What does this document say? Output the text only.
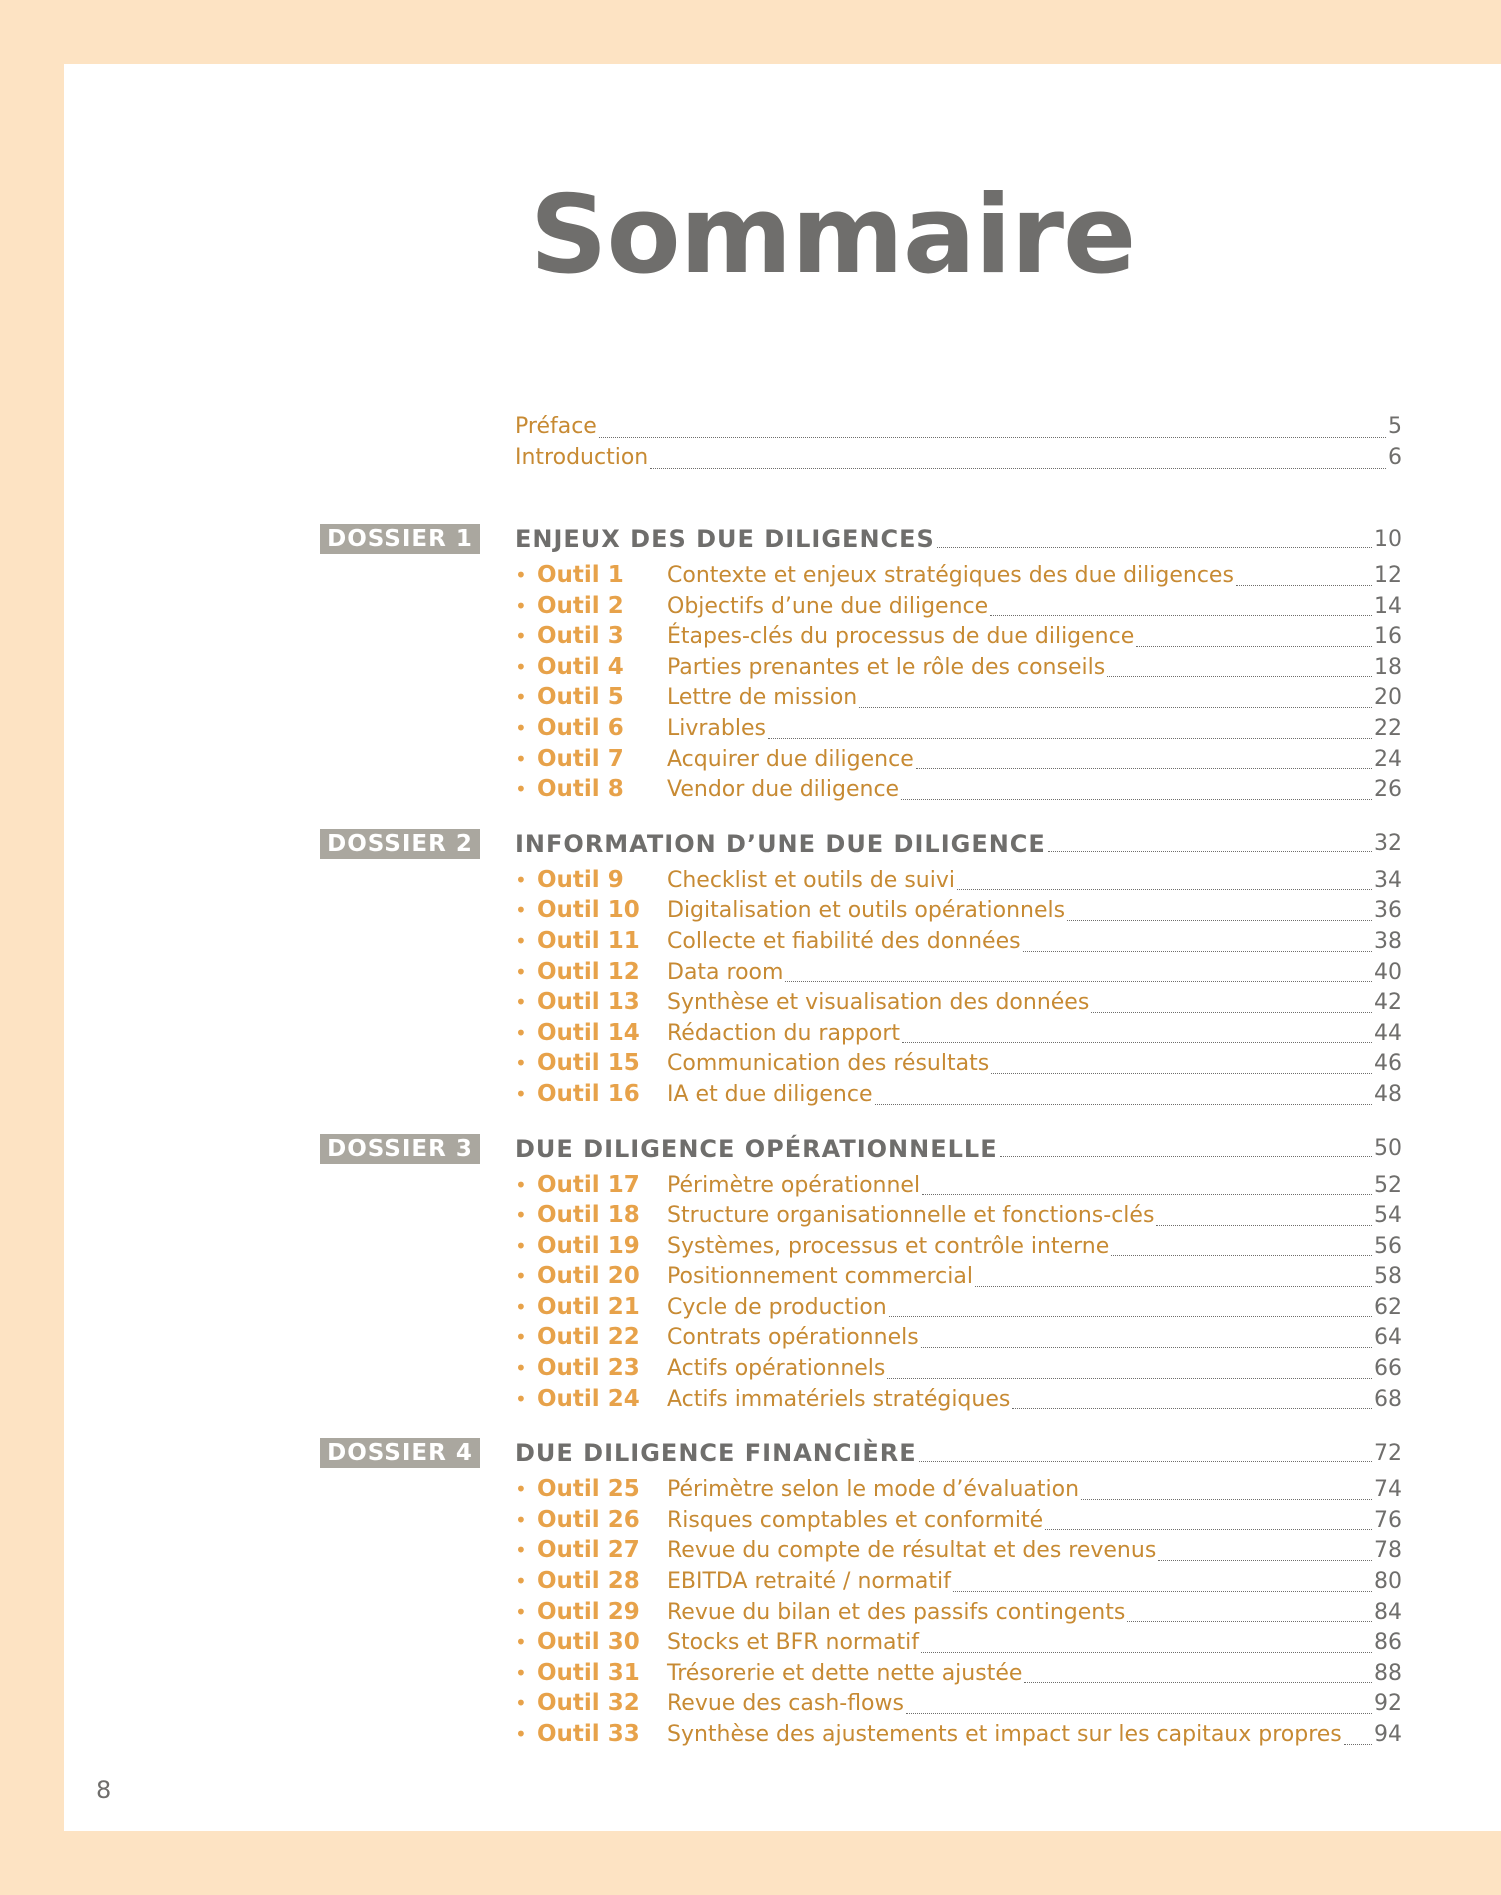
Sommaire
Préface	5
Introduction	6
DOSSIER 1 ENJEUX DES DUE DILIGENCES	10
• Outil 1	Contexte et enjeux stratégiques des due diligences	12
• Outil 2	Objectifs d’une due diligence	14
• Outil 3	Étapes-clés du processus de due diligence	16
• Outil 4	Parties prenantes et le rôle des conseils	18
• Outil 5	Lettre de mission	20
• Outil 6	Livrables	22
• Outil 7	Acquirer due diligence	24
• Outil 8	Vendor due diligence	26
DOSSIER 2 INFORMATION D’UNE DUE DILIGENCE	32
• Outil 9	Checklist et outils de suivi	34
• Outil 10	Digitalisation et outils opérationnels	36
• Outil 11	Collecte et fiabilité des données	38
• Outil 12	Data room	40
• Outil 13	Synthèse et visualisation des données	42
• Outil 14	Rédaction du rapport	44
• Outil 15	Communication des résultats	46
• Outil 16	IA et due diligence	48
DOSSIER 3 DUE DILIGENCE OPÉRATIONNELLE	50
• Outil 17	Périmètre opérationnel	52
• Outil 18	Structure organisationnelle et fonctions-clés	54
• Outil 19	Systèmes, processus et contrôle interne	56
• Outil 20	Positionnement commercial	58
• Outil 21	Cycle de production	62
• Outil 22	Contrats opérationnels	64
• Outil 23	Actifs opérationnels	66
• Outil 24	Actifs immatériels stratégiques	68
DOSSIER 4 DUE DILIGENCE FINANCIÈRE	72
• Outil 25	Périmètre selon le mode d’évaluation	74
• Outil 26	Risques comptables et conformité	76
• Outil 27	Revue du compte de résultat et des revenus	78
• Outil 28	EBITDA retraité / normatif	80
• Outil 29	Revue du bilan et des passifs contingents	84
• Outil 30	Stocks et BFR normatif	86
• Outil 31	Trésorerie et dette nette ajustée	88
• Outil 32	Revue des cash-flows	92
• Outil 33	Synthèse des ajustements et impact sur les capitaux propres 94
8
